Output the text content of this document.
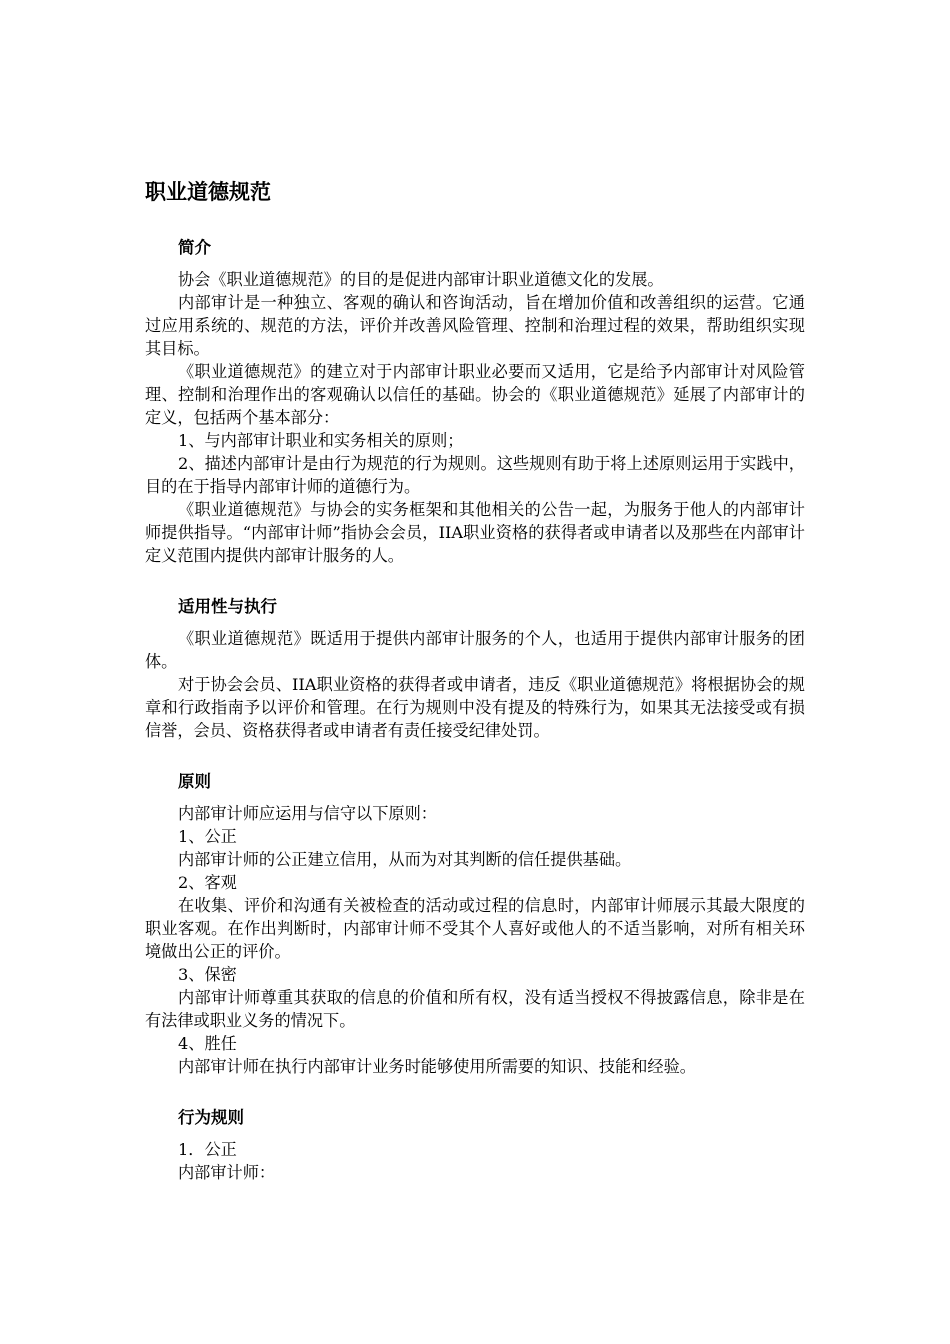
职业道德规范
简介

协会《职业道德规范》的目的是促进内部审计职业道德文化的发展。

内部审计是一种独立、客观的确认和咨询活动，旨在增加价值和改善组织的运营。它通过应用系统的、规范的方法，评价并改善风险管理、控制和治理过程的效果，帮助组织实现其目标。

《职业道德规范》的建立对于内部审计职业必要而又适用，它是给予内部审计对风险管理、控制和治理作出的客观确认以信任的基础。协会的《职业道德规范》延展了内部审计的定义，包括两个基本部分：

1、与内部审计职业和实务相关的原则；

2、描述内部审计是由行为规范的行为规则。这些规则有助于将上述原则运用于实践中，目的在于指导内部审计师的道德行为。

《职业道德规范》与协会的实务框架和其他相关的公告一起，为服务于他人的内部审计师提供指导。“内部审计师”指协会会员，IIA职业资格的获得者或申请者以及那些在内部审计定义范围内提供内部审计服务的人。

适用性与执行

《职业道德规范》既适用于提供内部审计服务的个人，也适用于提供内部审计服务的团体。

对于协会会员、IIA职业资格的获得者或申请者，违反《职业道德规范》将根据协会的规章和行政指南予以评价和管理。在行为规则中没有提及的特殊行为，如果其无法接受或有损信誉，会员、资格获得者或申请者有责任接受纪律处罚。

原则

内部审计师应运用与信守以下原则：

1、公正

内部审计师的公正建立信用，从而为对其判断的信任提供基础。

2、客观

在收集、评价和沟通有关被检查的活动或过程的信息时，内部审计师展示其最大限度的职业客观。在作出判断时，内部审计师不受其个人喜好或他人的不适当影响，对所有相关环境做出公正的评价。

3、保密

内部审计师尊重其获取的信息的价值和所有权，没有适当授权不得披露信息，除非是在有法律或职业义务的情况下。

4、胜任

内部审计师在执行内部审计业务时能够使用所需要的知识、技能和经验。

行为规则

1．公正

内部审计师：
